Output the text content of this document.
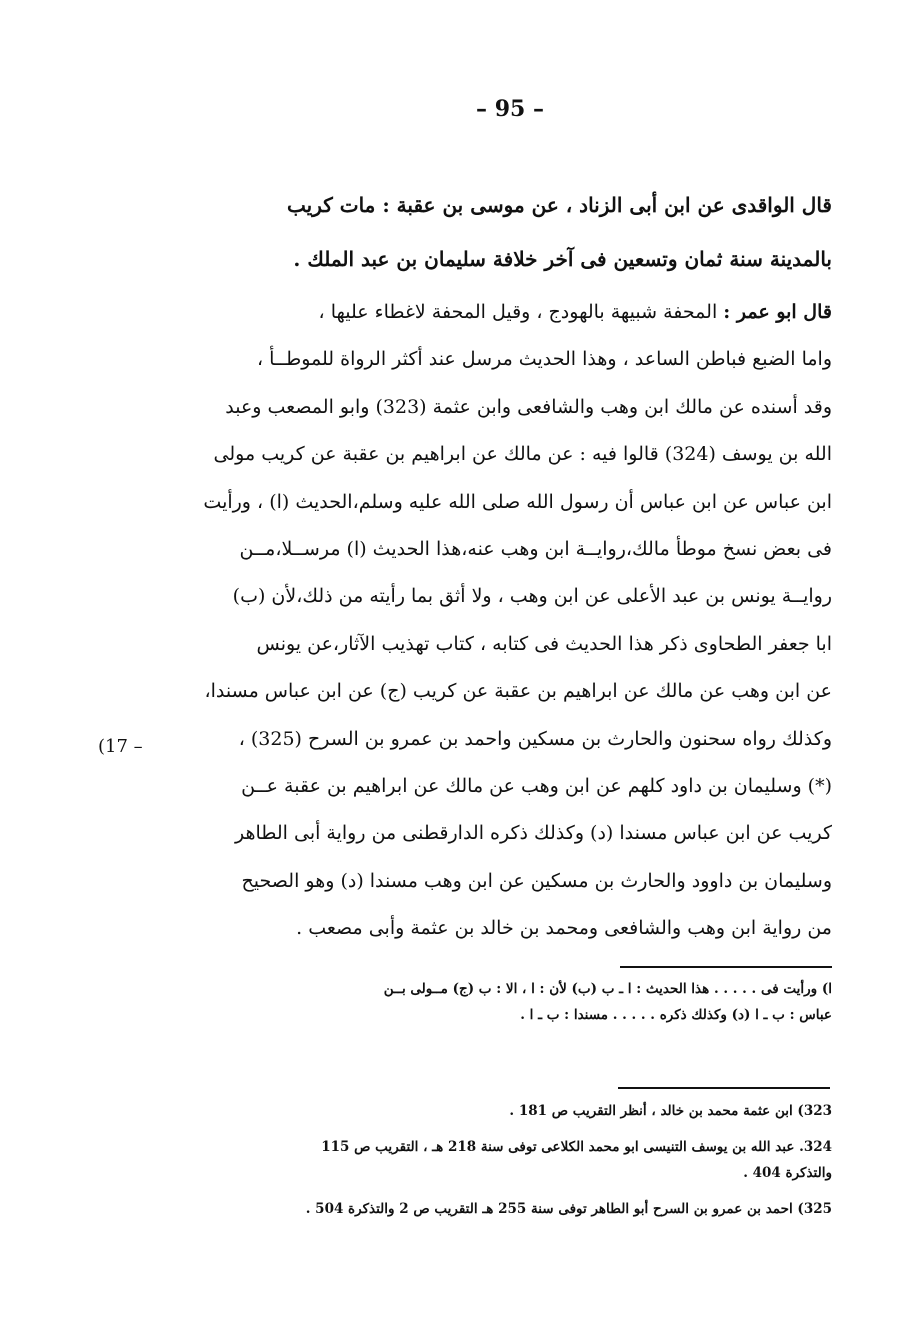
– 95 –
قال الواقدى عن ابن أبى الزناد ، عن موسى بن عقبة : مات كريب
بالمدينة سنة ثمان وتسعين فى آخر خلافة سليمان بن عبد الملك .
قال ابو عمر : المحفة شبيهة بالهودج ، وقيل المحفة لاغطاء عليها ،
واما الضبع فباطن الساعد ، وهذا الحديث مرسل عند أكثر الرواة للموطــأ ،
وقد أسنده عن مالك ابن وهب والشافعى وابن عثمة (323) وابو المصعب وعبد
الله بن يوسف (324) قالوا فيه : عن مالك عن ابراهيم بن عقبة عن كريب مولى
ابن عباس عن ابن عباس أن رسول الله صلى الله عليه وسلم،الحديث (ا) ، ورأيت
فى بعض نسخ موطأ مالك،روايــة ابن وهب عنه،هذا الحديث (ا) مرســلا،مــن
روايــة يونس بن عبد الأعلى عن ابن وهب ، ولا أثق بما رأيته من ذلك،لأن (ب)
ابا جعفر الطحاوى ذكر هذا الحديث فى كتابه ، كتاب تهذيب الآثار،عن يونس
عن ابن وهب عن مالك عن ابراهيم بن عقبة عن كريب (ج) عن ابن عباس مسندا،
وكذلك رواه سحنون والحارث بن مسكين واحمد بن عمرو بن السرح (325) ،
(*) وسليمان بن داود كلهم عن ابن وهب عن مالك عن ابراهيم بن عقبة عــن
كريب عن ابن عباس مسندا (د) وكذلك ذكره الدارقطنى من رواية أبى الطاهر
وسليمان بن داوود والحارث بن مسكين عن ابن وهب مسندا (د) وهو الصحيح
من رواية ابن وهب والشافعى ومحمد بن خالد بن عثمة وأبى مصعب .
(17 –
ا) ورأيت فى . . . . . هذا الحديث : ا ـ ب (ب) لأن : ا ، الا : ب (ج) مــولى بــن
عباس : ب ـ ا (د) وكذلك ذكره . . . . . مسندا : ب ـ ا .
323) ابن عثمة محمد بن خالد ، أنظر التقريب ص 181 .
324. عبد الله بن يوسف التنيسى ابو محمد الكلاعى توفى سنة 218 هـ ، التقريب ص 115
والتذكرة 404 .
325) احمد بن عمرو بن السرح أبو الطاهر توفى سنة 255 هـ التقريب ص 2 والتذكرة 504 .
